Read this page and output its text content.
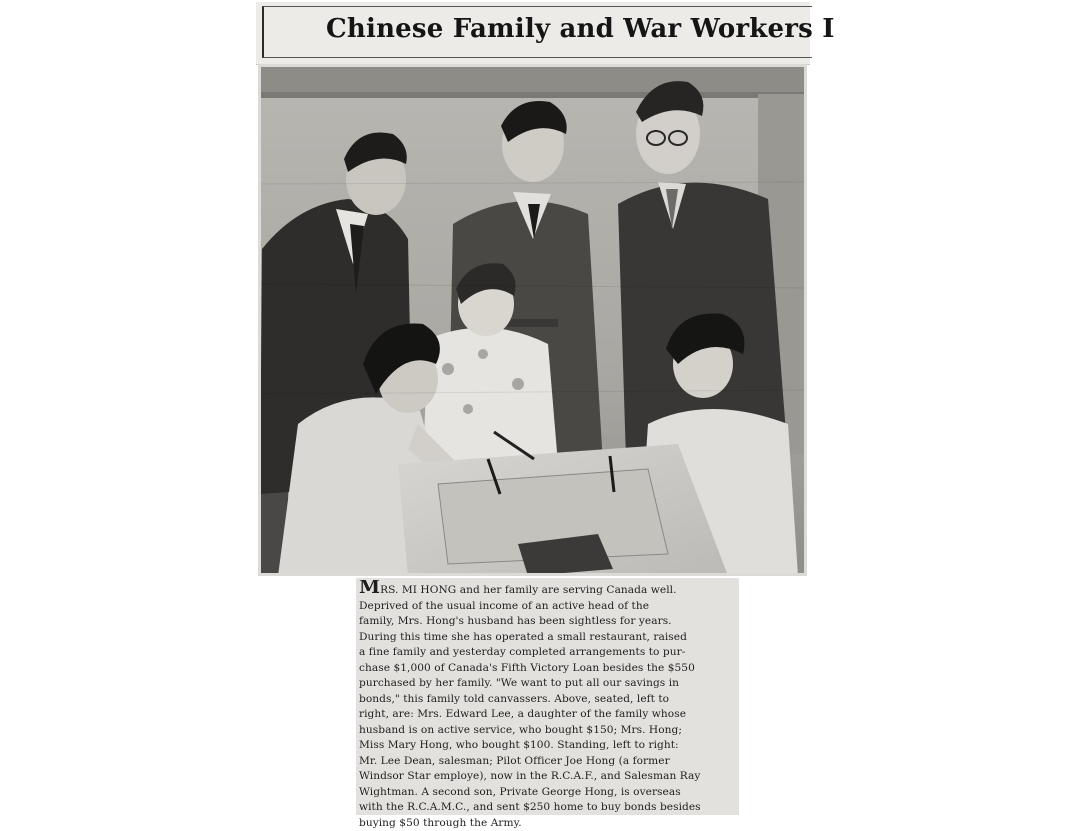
Chinese Family and War Workers I
MRS. MI HONG and her family are serving Canada well.
Deprived of the usual income of an active head of the
family, Mrs. Hong's husband has been sightless for years.
During this time she has operated a small restaurant, raised
a fine family and yesterday completed arrangements to pur-
chase $1,000 of Canada's Fifth Victory Loan besides the $550
purchased by her family. "We want to put all our savings in
bonds," this family told canvassers. Above, seated, left to
right, are: Mrs. Edward Lee, a daughter of the family whose
husband is on active service, who bought $150; Mrs. Hong;
Miss Mary Hong, who bought $100. Standing, left to right:
Mr. Lee Dean, salesman; Pilot Officer Joe Hong (a former
Windsor Star employe), now in the R.C.A.F., and Salesman Ray
Wightman. A second son, Private George Hong, is overseas
with the R.C.A.M.C., and sent $250 home to buy bonds besides
buying $50 through the Army.
